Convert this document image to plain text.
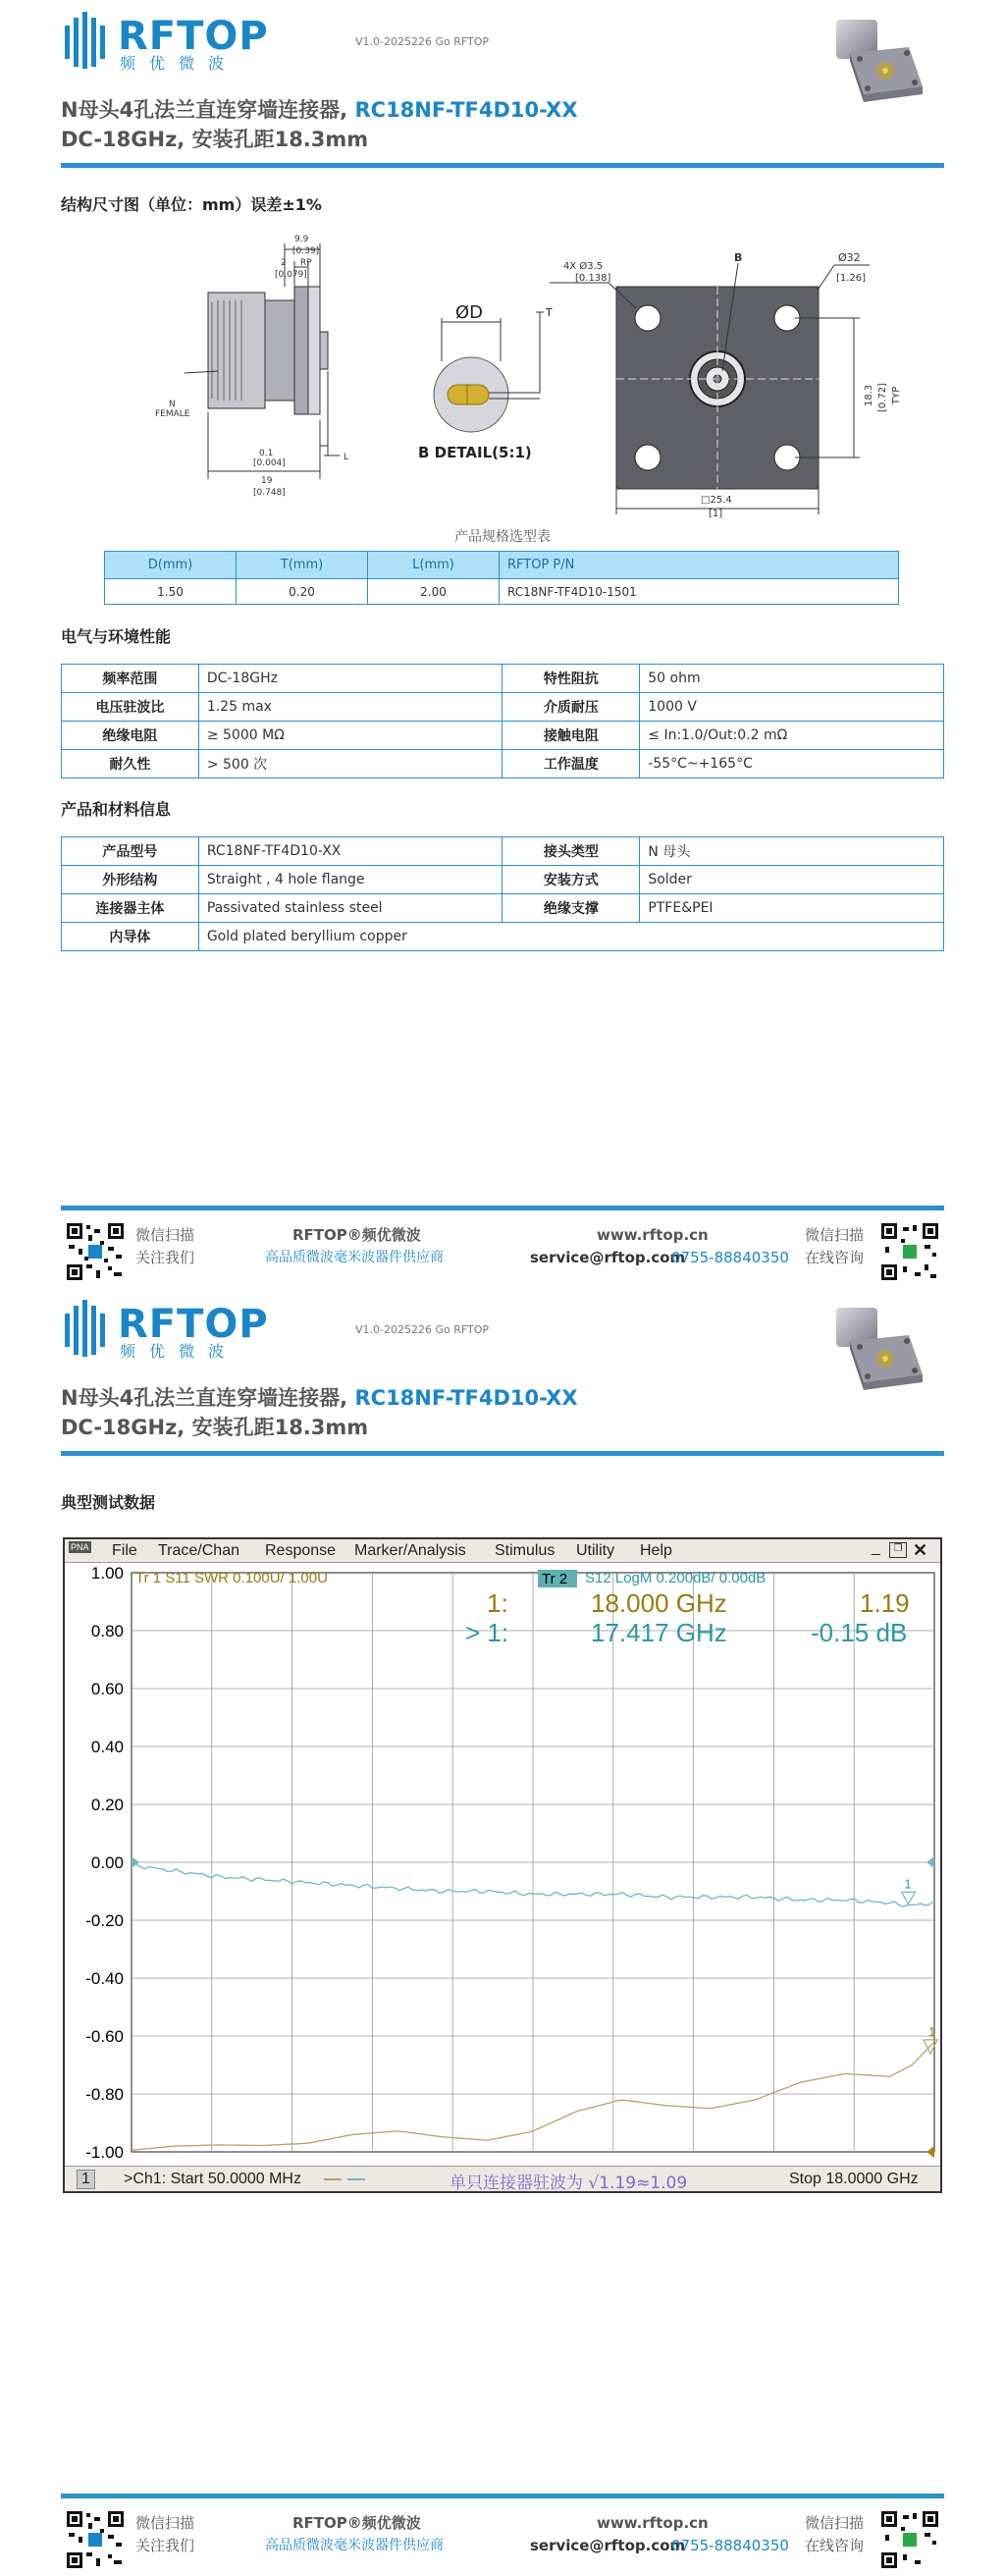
RFTOP
频优微波
V1.0-2025226 Go RFTOP
N母头4孔法兰直连穿墙连接器, RC18NF-TF4D10-XX
DC-18GHz, 安装孔距18.3mm
结构尺寸图（单位：mm）误差±1%
9.9
[0.39]
2 RP
[0.079]
N
FEMALE
0.1
[0.004]
19
[0.748]
L
ØD	T
B DETAIL(5:1)
4X Ø3.5
[0.138]
B	Ø32
[1.26]
18.3 [0.72] TYP
□25.4
[1]
产品规格选型表
D(mm)	T(mm)	L(mm)	RFTOP P/N
1.50	0.20	2.00	RC18NF-TF4D10-1501
电气与环境性能
频率范围	DC-18GHz	特性阻抗	50 ohm
电压驻波比	1.25 max	介质耐压	1000 V
绝缘电阻	≥ 5000 MΩ	接触电阻	≤ In:1.0/Out:0.2 mΩ
耐久性	> 500 次	工作温度	-55°C~+165°C
产品和材料信息
产品型号	RC18NF-TF4D10-XX	接头类型	N 母头
外形结构	Straight , 4 hole flange	安装方式	Solder
连接器主体	Passivated stainless steel	绝缘支撑	PTFE&PEI
内导体	Gold plated beryllium copper		
微信扫描
关注我们
RFTOP®频优微波
高品质微波毫米波器件供应商
www.rftop.cn
service@rftop.com
0755-88840350
微信扫描
在线咨询
RFTOP
频优微波
V1.0-2025226 Go RFTOP
N母头4孔法兰直连穿墙连接器, RC18NF-TF4D10-XX
DC-18GHz, 安装孔距18.3mm
典型测试数据
微信扫描
关注我们
RFTOP®频优微波
高品质微波毫米波器件供应商
www.rftop.cn
service@rftop.com
0755-88840350
微信扫描
在线咨询
PNA File Trace/Chan Response Marker/Analysis Stimulus Utility Help	_	❐ ✕
1.00
0.80
0.60
0.40
0.20
0.00
-0.20
-0.40
-0.60
-0.80
-1.00
Tr 1 S11 SWR 0.100U/ 1.00U	Tr 2 S12 LogM 0.200dB/ 0.00dB
1:	18.000 GHz	1.19
> 1:	17.417 GHz	-0.15 dB
1
1
1	>Ch1: Start 50.0000 MHz	单只连接器驻波为 √1.19≈1.09	Stop 18.0000 GHz
